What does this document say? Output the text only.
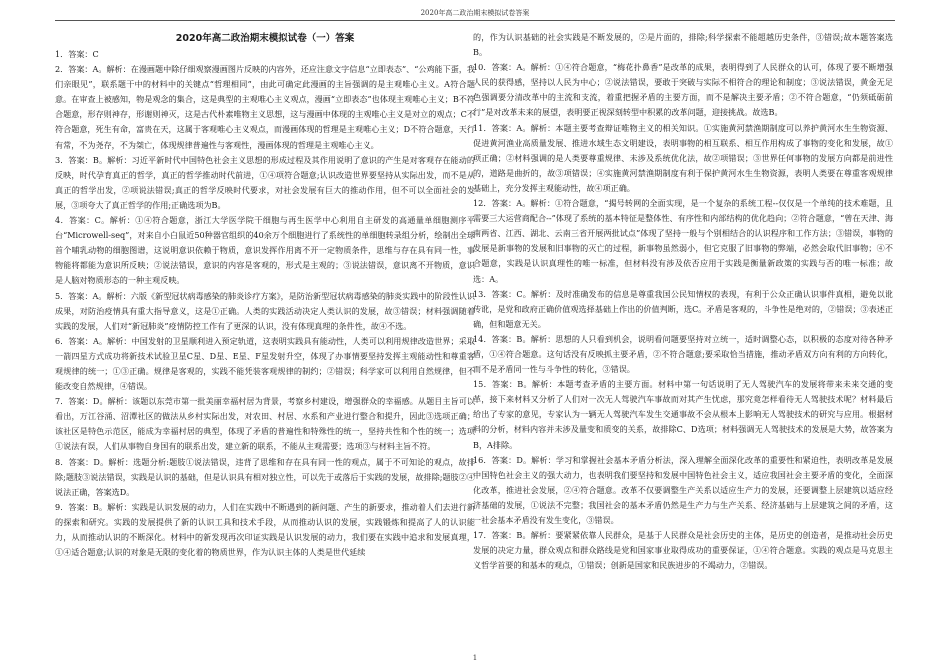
2020年高二政治期末模拟试卷答案
2020年高二政治期末模拟试卷（一）答案

1．答案：C

2．答案：A。解析：在漫画题中除仔细观察漫画图片反映的内容外，还应注意文字信息“立即表态”、“公鸡能下蛋，我们亲眼见”，联系题干中的材料中的关键点“哲理相同”，由此可确定此漫画的主旨强调的是主观唯心主义。A符合题意。在审查上被感知，物是观念的集合，这是典型的主观唯心主义观点，漫画“立即表态”也体现主观唯心主义；B不符合题意，形存则神存，形谢则神灭，这是古代朴素唯物主义思想，这与漫画中体现的主观唯心主义是对立的观点；C不符合题意，死生有命，富贵在天，这属于客观唯心主义观点，而漫画体现的哲理是主观唯心主义；D不符合题意，天行有常，不为尧存，不为桀亡，体现规律普遍性与客观性，漫画体现的哲理是主观唯心主义。

3．答案：B。解析：习近平新时代中国特色社会主义思想的形成过程及其作用说明了意识的产生是对客观存在能动的反映，时代孕育真正的哲学，真正的哲学推动时代前进，①④项符合题意;认识改造世界要坚持从实际出发，而不是从真正的哲学出发，②项说法错误;真正的哲学反映时代要求，对社会发展有巨大的推动作用，但不可以全面社会的发展，③项夸大了真正哲学的作用;正确选项为B。

4．答案：C。解析：①④符合题意，浙江大学医学院干细胞与再生医学中心利用自主研发的高通量单细胞测序平台“Microwell-seq”，对来自小白鼠近50种器官组织的40余万个细胞进行了系统性的单细胞转录组分析，绘制出全球首个哺乳动物的细胞图谱，这说明意识依赖于物质，意识发挥作用离不开一定物质条件，思维与存在具有同一性，事物能将都能为意识所反映；②说法错误，意识的内容是客观的，形式是主观的；③说法错误，意识离不开物质，意识是人脑对物质形态的一种主观反映。

5．答案：A。解析：六版《新型冠状病毒感染的肺炎诊疗方案》，是防治新型冠状病毒感染的肺炎实践中的阶段性认识成果，对防治疫情具有重大指导意义，这是①正确。人类的实践活动决定人类认识的发展，故③错误；材料强调随着实践的发展，人们对“新冠肺炎”疫情防控工作有了更深的认识，没有体现真理的条件性，故④不选。

6．答案：A。解析：中国发射的卫星顺利进入预定轨道，这表明实践具有能动性，人类可以利用规律改造世界；采取一箭四星方式成功将新技术试验卫星C星、D星、E星、F星发射升空，体现了办事情要坚持发挥主观能动性和尊重客观规律的统一；①③正确。规律是客观的，实践不能凭装客观规律的制约；②错误；科学家可以利用自然规律，但不能改变自然规律，④错误。

7．答案：D。解析：该题以东莞市第一批美丽幸福村居为背景，考察乡村建设，增强群众的幸福感。从题目主旨可以看出，万江谷涌、沼潭社区的做法从乡村实际出发，对农田、村居、水系和产业进行整合和提升，因此③选项正确；该社区是特色示范区，能成为幸福村居的典型，体现了矛盾的普遍性和特殊性的统一，坚持共性和个性的统一；选项①说法有误，人们从事物自身国有的联系出发，建立新的联系，不能从主观需要；选项③与材料主旨不符。

8．答案：D。解析：选题分析:题肢①说法错误，违背了思维和存在具有同一性的观点，属于不可知论的观点，故排除;题肢③说法错误，实践是认识的基础，但是认识具有相对独立性，可以先于或落后于实践的发展，故排除;题肢②④说法正确，答案选D。

9．答案：B。解析：实践是认识发展的动力，人们在实践中不断遇到的新问题、产生的新要求，推动着人们去进行新的探索和研究。实践的发展提供了新的认识工具和技术手段，从而推动认识的发展，实践锻炼和提高了人的认识能力，从而推动认识的不断深化。材料中的新发现再次印证实践是认识发展的动力，我们要在实践中追求和发展真理，①④适合题意;认识的对象是无限的变化着的物质世界，作为认识主体的人类是世代延续

的，作为认识基础的社会实践是不断发展的，②是片面的，排除;科学探索不能超越历史条件，③错误;故本题答案选B。

10．答案：A。解析：①④符合题意，“梅花扑鼻香”是改革的成果，表明得到了人民群众的认可，体现了要不断增强人民的获得感，坚持以人民为中心；②说法错误，要敢于突破与实际不相符合的理论和制度；③说法错误，黄金无足色强调要分清改革中的主流和支流，着重把握矛盾的主要方面，而不是解决主要矛盾；②不符合题意，“仍须砥砺前行”是对改革未来的展望，表明要正视深刻转型中积累的改革问题，迎接挑战。故选B。

11．答案：A。解析：本题主要考查辩证唯物主义的相关知识。①实施黄河禁渔期制度可以养护黄河水生生物资源、促进黄河渔业高质量发展、推进水域生态文明建设，表明事物的相互联系、相互作用构成了事物的变化和发展，故①项正确；②材料强调的是人类要尊重规律、未涉及系统优化法，故②项错误；③世界任何事物的发展方向都是前进性的，道路是曲折的，故③项错误；④实施黄河禁渔期制度有利于保护黄河水生生物资源，表明人类要在尊重客观规律基础上，充分发挥主观能动性，故④项正确。

12．答案：A。解析：①符合题意，“揭号转网的全面实现，是一个复杂的系统工程--仅仅是一个单纯的技术难题，且需要三大运营商配合--”体现了系统的基本特征是整体性、有序性和内部结构的优化趋向；②符合题意，“曾在天津、海南两省、江西、湖北、云南三省开展两批试点”体现了坚持一般与个别相结合的认识程序和工作方法；③错误，事物的发展是新事物的发展和旧事物的灭亡的过程，新事物虽然弱小，但它克服了旧事物的弊端，必然会取代旧事物；④不合题意，实践是认识真理性的唯一标准，但材料没有涉及依否应用于实践是衡量新政策的实践与否的唯一标准；故选：A。

13．答案：C。解析：及时准确发布的信息是尊重我国公民知情权的表现，有利于公众正确认识事件真相，避免以讹传讹，是党和政府正确价值观选择基础上作出的价值判断，选C。矛盾是客观的，斗争性是绝对的，②错误；③表述正确，但和题意无关。

14．答案：B。解析：思想的人只看到机会，说明看问题要坚持对立统一，适时调整心态，以积极的态度对待各种矛盾，①④符合题意。这句话没有反映抓主要矛盾，②不符合题意;要采取恰当措施，推动矛盾双方向有利的方向转化，而不是矛盾同一性与斗争性的转化，③错误。

15．答案：B。解析：本题考查矛盾的主要方面。材料中第一句话说明了无人驾驶汽车的发展将带来未来交通的变革，接下来材料又分析了人们对一次无人驾驶汽车事故而对其产生忧虑，那究竟怎样看待无人驾驶技术呢？材料最后给出了专家的意见，专家认为一辆无人驾驶汽车发生交通事故不会从根本上影响无人驾驶技术的研究与应用。根据材料的分析，材料内容并未涉及量变和质变的关系，故排除C、D选项；材料强调无人驾驶技术的发展是大势，故答案为B，A排除。

16．答案：D。解析：学习和掌握社会基本矛盾分析法，深入理解全面深化改革的重要性和紧迫性，表明改革是发展中国特色社会主义的强大动力，也表明我们要坚持和发展中国特色社会主义，适应我国社会主要矛盾的变化，全面深化改革，推进社会发展，②④符合题意。改革不仅要调整生产关系以适应生产力的发展，还要调整上层建筑以适应经济基础的发展，①说法不完整；我国社会的基本矛盾仍然是生产力与生产关系、经济基础与上层建筑之间的矛盾，这一社会基本矛盾没有发生变化，③错误。

17．答案：B。解析：要紧紧依靠人民群众，是基于人民群众是社会历史的主体，是历史的创造者，是推动社会历史发展的决定力量，群众观点和群众路线是党和国家事业取得成功的重要保证，①④符合题意。实践的观点是马克思主义哲学首要的和基本的观点，①错误；创新是国家和民族进步的不竭动力，②错误。

1
